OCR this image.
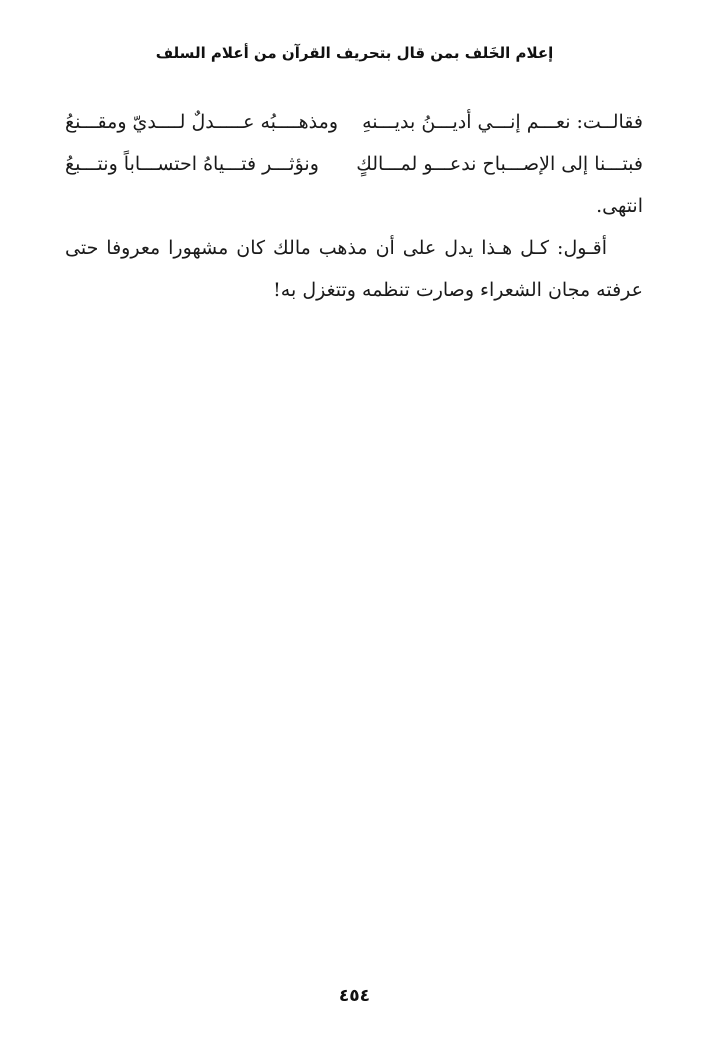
إعلام الخَلف بمن قال بتحريف القرآن من أعلام السلف
فقالــت: نعـــم إنـــي أديـــنُ بديـــنهِ
ومذهــــبُه عـــــدلٌ لــــديّ ومقـــنعُ
فبتـــنا إلى الإصـــباح ندعـــو لمـــالكٍ
ونؤثـــر فتـــياهُ احتســـاباً ونتـــبعُ
انتهى.
أقـول: كـل هـذا يدل على أن مذهب مالك كان مشهورا معروفا حتى
عرفته مجان الشعراء وصارت تنظمه وتتغزل به!
٤٥٤
